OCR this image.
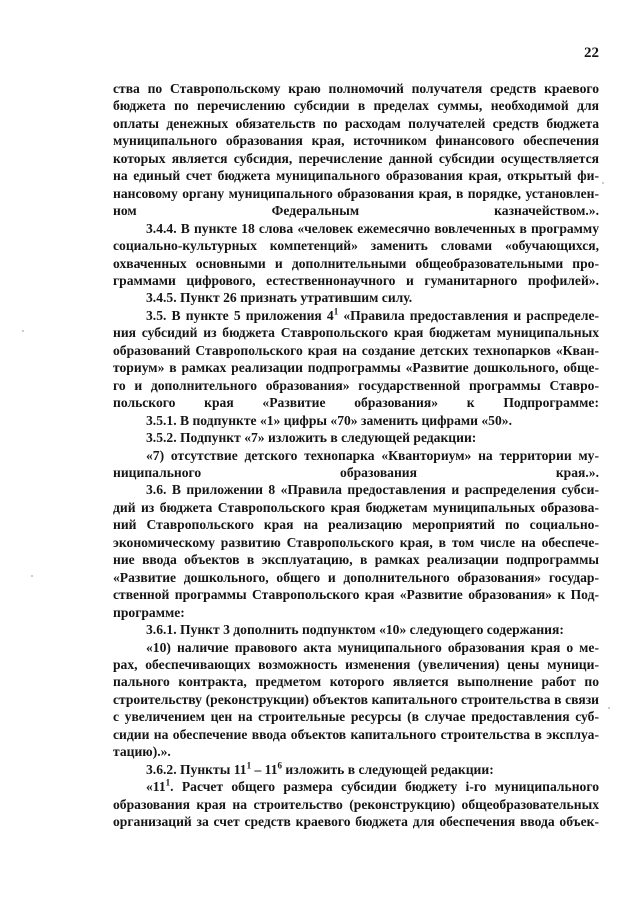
22

ства по Ставропольскому краю полномочий получателя средств краевого бюджета по перечислению субсидии в пределах суммы, необходимой для оплаты денежных обязательств по расходам получателей средств бюджета муниципального образования края, источником финансового обеспечения которых является субсидия, перечисление данной субсидии осуществляется на единый счет бюджета муниципального образования края, открытый фи- нансовому органу муниципального образования края, в порядке, установлен- ном Федеральным казначейством.».

3.4.4. В пункте 18 слова «человек ежемесячно вовлеченных в программу социально-культурных компетенций» заменить словами «обучающихся, охваченных основными и дополнительными общеобразовательными про- граммами цифрового, естественнонаучного и гуманитарного профилей».

3.4.5. Пункт 26 признать утратившим силу.

3.5. В пункте 5 приложения $4^1$ «Правила предоставления и распределе- ния субсидий из бюджета Ставропольского края бюджетам муниципальных образований Ставропольского края на создание детских технопарков «Кван- ториум» в рамках реализации подпрограммы «Развитие дошкольного, обще- го и дополнительного образования» государственной программы Ставро- польского края «Развитие образования» к Подпрограмме:

3.5.1. В подпункте «1» цифры «70» заменить цифрами «50».

3.5.2. Подпункт «7» изложить в следующей редакции:

«7) отсутствие детского технопарка «Кванториум» на территории му- ниципального образования края.».

3.6. В приложении 8 «Правила предоставления и распределения субси- дий из бюджета Ставропольского края бюджетам муниципальных образова- ний Ставропольского края на реализацию мероприятий по социально- экономическому развитию Ставропольского края, в том числе на обеспече- ние ввода объектов в эксплуатацию, в рамках реализации подпрограммы «Развитие дошкольного, общего и дополнительного образования» государ- ственной программы Ставропольского края «Развитие образования» к Под- программе:

3.6.1. Пункт 3 дополнить подпунктом «10» следующего содержания:

«10) наличие правового акта муниципального образования края о ме- рах, обеспечивающих возможность изменения (увеличения) цены муници- пального контракта, предметом которого является выполнение работ по строительству (реконструкции) объектов капитального строительства в связи с увеличением цен на строительные ресурсы (в случае предоставления суб- сидии на обеспечение ввода объектов капитального строительства в эксплуа- тацию).».

3.6.2. Пункты $11^1 - 11^6$ изложить в следующей редакции:

«$11^1$. Расчет общего размера субсидии бюджету i-го муниципального образования края на строительство (реконструкцию) общеобразовательных организаций за счет средств краевого бюджета для обеспечения ввода объек-
